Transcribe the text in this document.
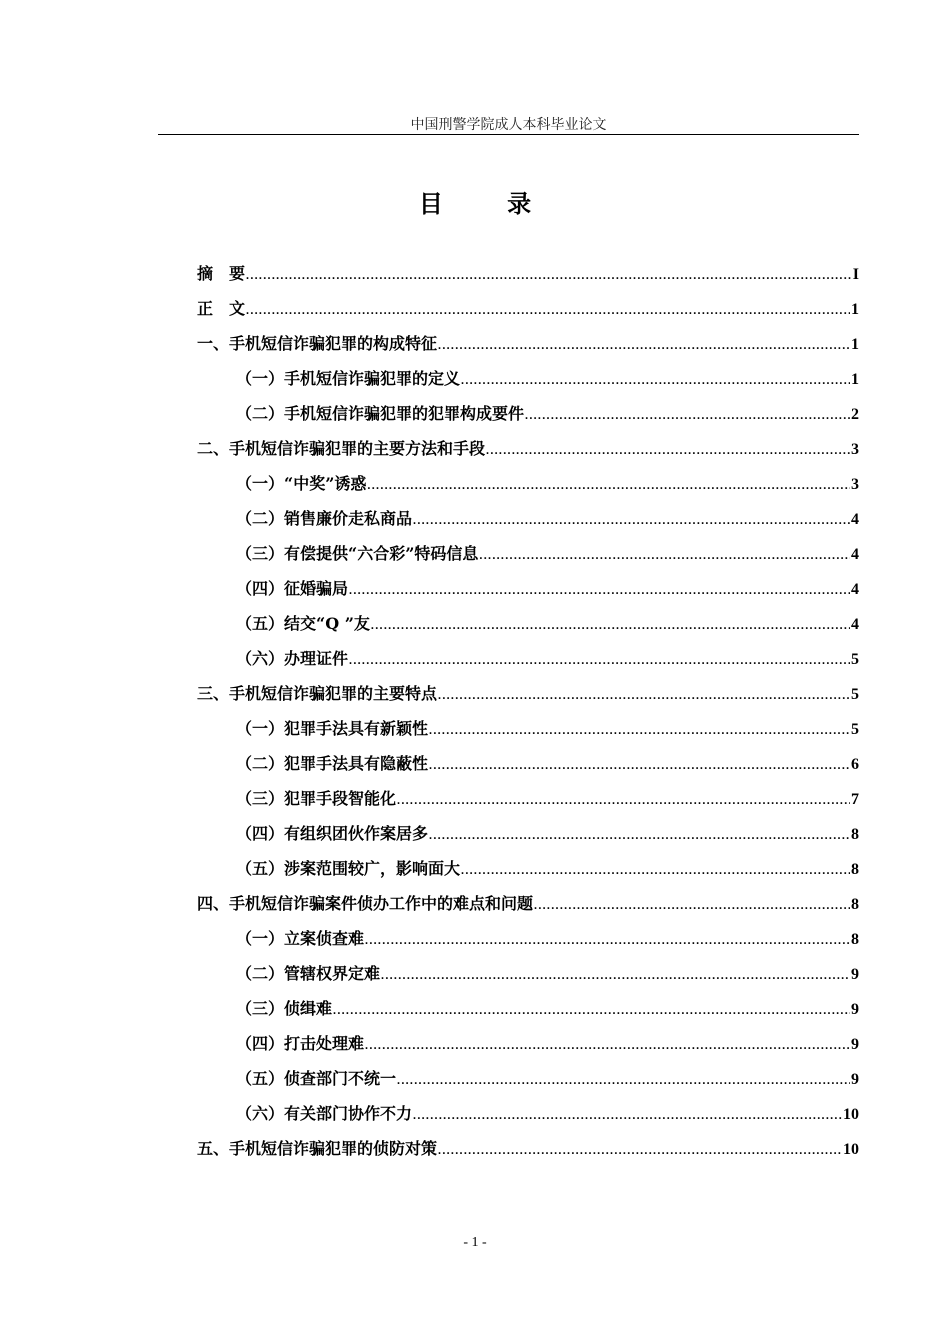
中国刑警学院成人本科毕业论文
目 录
摘　要 .....	I
正　文 .....	1
一、手机短信诈骗犯罪的构成特征 .....	1
（一）手机短信诈骗犯罪的定义 .....	1
（二）手机短信诈骗犯罪的犯罪构成要件 .....	2
二、手机短信诈骗犯罪的主要方法和手段 .....	3
（一）“中奖”诱惑 .....	3
（二）销售廉价走私商品 .....	4
（三）有偿提供“六合彩”特码信息 .....	4
（四）征婚骗局 .....	4
（五）结交“Q ”友 .....	4
（六）办理证件 .....	5
三、手机短信诈骗犯罪的主要特点 .....	5
（一）犯罪手法具有新颖性 .....	5
（二）犯罪手法具有隐蔽性 .....	6
（三）犯罪手段智能化 .....	7
（四）有组织团伙作案居多 .....	8
（五）涉案范围较广，影响面大 .....	8
四、手机短信诈骗案件侦办工作中的难点和问题 .....	8
（一）立案侦查难 .....	8
（二）管辖权界定难 .....	9
（三）侦缉难 .....	9
（四）打击处理难 .....	9
（五）侦查部门不统一 .....	9
（六）有关部门协作不力 .....	10
五、手机短信诈骗犯罪的侦防对策 .....	10
- 1 -
